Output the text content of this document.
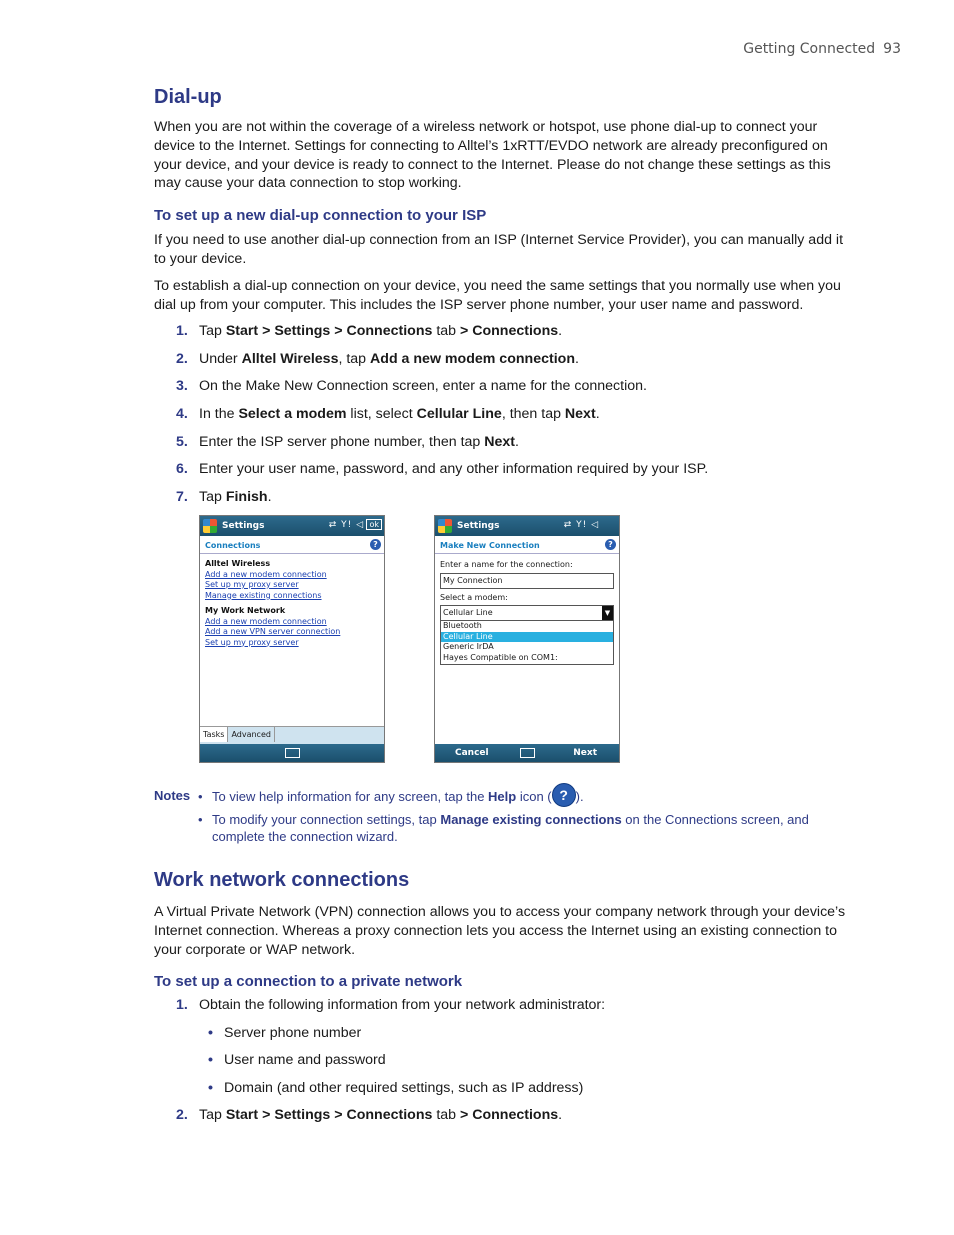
Getting Connected 93
Dial-up

When you are not within the coverage of a wireless network or hotspot, use phone dial-up to connect your
device to the Internet. Settings for connecting to Alltel’s 1xRTT/EVDO network are already preconfigured on
your device, and your device is ready to connect to the Internet. Please do not change these settings as this
may cause your data connection to stop working.

To set up a new dial-up connection to your ISP

If you need to use another dial-up connection from an ISP (Internet Service Provider), you can manually add it
to your device.

To establish a dial-up connection on your device, you need the same settings that you normally use when you
dial up from your computer. This includes the ISP server phone number, your user name and password.

1. Tap Start > Settings > Connections tab > Connections.
2. Under Alltel Wireless, tap Add a new modem connection.
3. On the Make New Connection screen, enter a name for the connection.
4. In the Select a modem list, select Cellular Line, then tap Next.
5. Enter the ISP server phone number, then tap Next.
6. Enter your user name, password, and any other information required by your ISP.
7. Tap Finish.
Notes • To view help information for any screen, tap the Help icon ( ? ).
• To modify your connection settings, tap Manage existing connections on the Connections screen, and
complete the connection wizard.
Work network connections

A Virtual Private Network (VPN) connection allows you to access your company network through your device’s
Internet connection. Whereas a proxy connection lets you access the Internet using an existing connection to
your corporate or WAP network.

To set up a connection to a private network
1. Obtain the following information from your network administrator:
• Server phone number
• User name and password
• Domain (and other required settings, such as IP address)
2. Tap Start > Settings > Connections tab > Connections.
Settings	⇄ Y! ◁ ok
Connections	?
Alltel Wireless
Add a new modem connection
Set up my proxy server
Manage existing connections
My Work Network
Add a new modem connection
Add a new VPN server connection
Set up my proxy server
Tasks Advanced
Settings	⇄ Y! ◁
Make New Connection	?
Enter a name for the connection:
My Connection
Select a modem:
Cellular Line	▼
Bluetooth
Cellular Line
Generic IrDA
Hayes Compatible on COM1:
Cancel	Next
